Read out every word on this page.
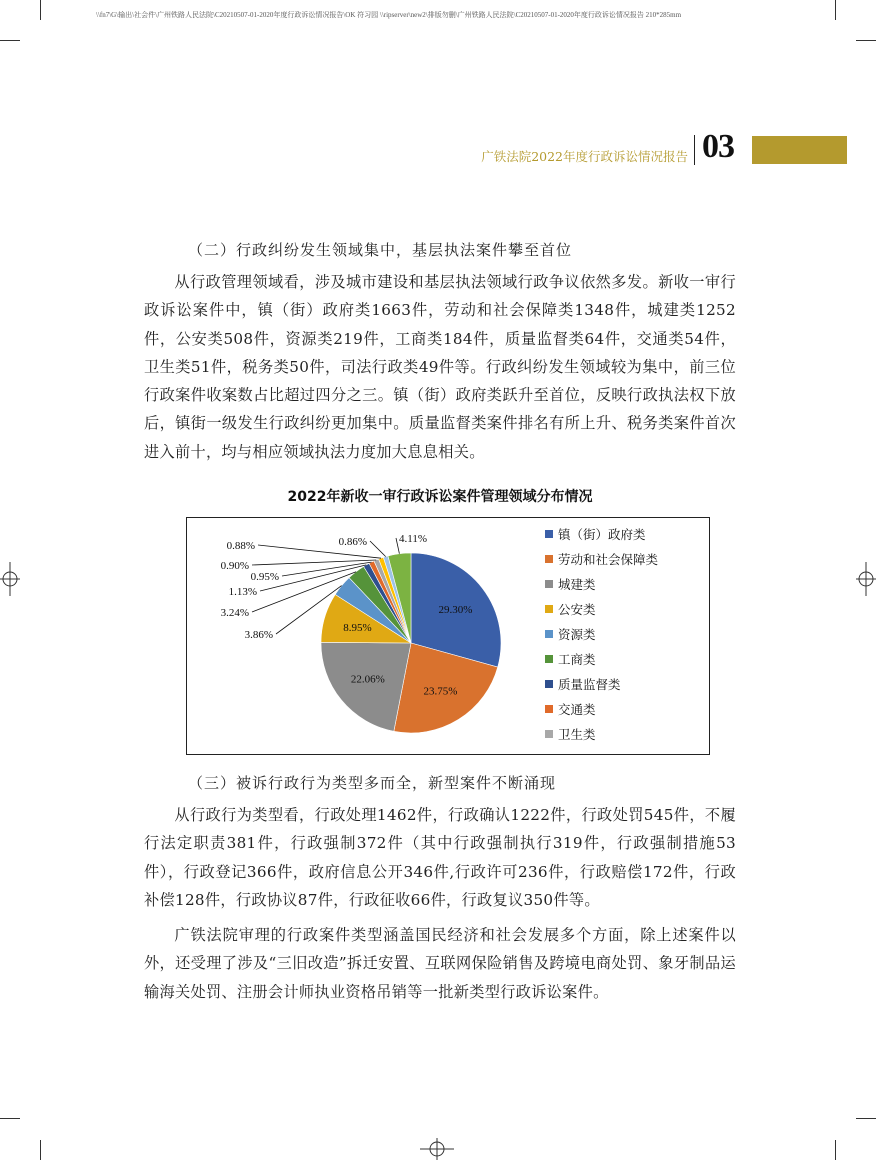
\\fn7\G\输出\社会件\广州铁路人民法院\C20210507-01-2020年度行政诉讼情况报告\OK 符习园 \\ripserver\new2\排版勿删\广州铁路人民法院\C20210507-01-2020年度行政诉讼情况报告 210*285mm
广铁法院2022年度行政诉讼情况报告 03
（二）行政纠纷发生领域集中，基层执法案件攀至首位
从行政管理领域看，涉及城市建设和基层执法领域行政争议依然多发。新收一审行政诉讼案件中，镇（街）政府类1663件，劳动和社会保障类1348件，城建类1252件，公安类508件，资源类219件，工商类184件，质量监督类64件，交通类54件，卫生类51件，税务类50件，司法行政类49件等。行政纠纷发生领域较为集中，前三位行政案件收案数占比超过四分之三。镇（街）政府类跃升至首位，反映行政执法权下放后，镇街一级发生行政纠纷更加集中。质量监督类案件排名有所上升、税务类案件首次进入前十，均与相应领域执法力度加大息息相关。
2022年新收一审行政诉讼案件管理领域分布情况
29.30%
23.75%
22.06%
8.95%
3.86%
3.24%
1.13%
0.95%
0.90%
0.88%	0.86%	4.11%	镇（街）政府类
劳动和社会保障类
城建类
公安类
资源类
工商类
质量监督类
交通类
卫生类
（三）被诉行政行为类型多而全，新型案件不断涌现
从行政行为类型看，行政处理1462件，行政确认1222件，行政处罚545件，不履行法定职责381件，行政强制372件（其中行政强制执行319件，行政强制措施53件），行政登记366件，政府信息公开346件,行政许可236件，行政赔偿172件，行政补偿128件，行政协议87件，行政征收66件，行政复议350件等。
广铁法院审理的行政案件类型涵盖国民经济和社会发展多个方面，除上述案件以外，还受理了涉及“三旧改造”拆迁安置、互联网保险销售及跨境电商处罚、象牙制品运输海关处罚、注册会计师执业资格吊销等一批新类型行政诉讼案件。
